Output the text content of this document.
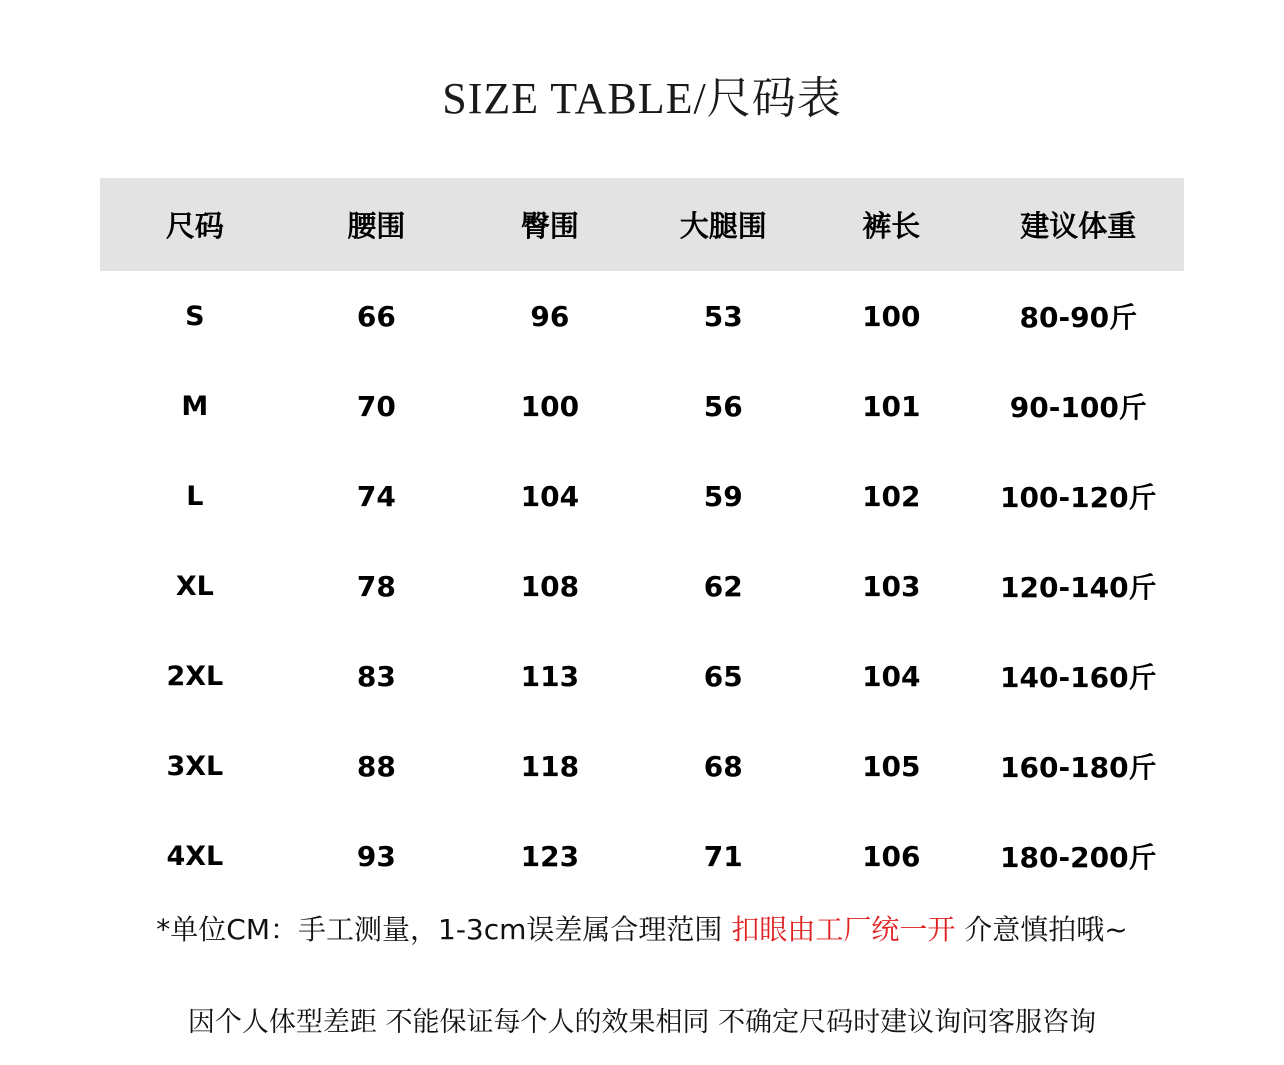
SIZE TABLE/尺码表
尺码	腰围	臀围	大腿围	裤长	建议体重
S	66	96	53	100	80-90斤
M	70	100	56	101	90-100斤
L	74	104	59	102	100-120斤
XL	78	108	62	103	120-140斤
2XL	83	113	65	104	140-160斤
3XL	88	118	68	105	160-180斤
4XL	93	123	71	106	180-200斤
*单位CM：手工测量，1-3cm误差属合理范围 扣眼由工厂统一开 介意慎拍哦~
因个人体型差距 不能保证每个人的效果相同 不确定尺码时建议询问客服咨询
